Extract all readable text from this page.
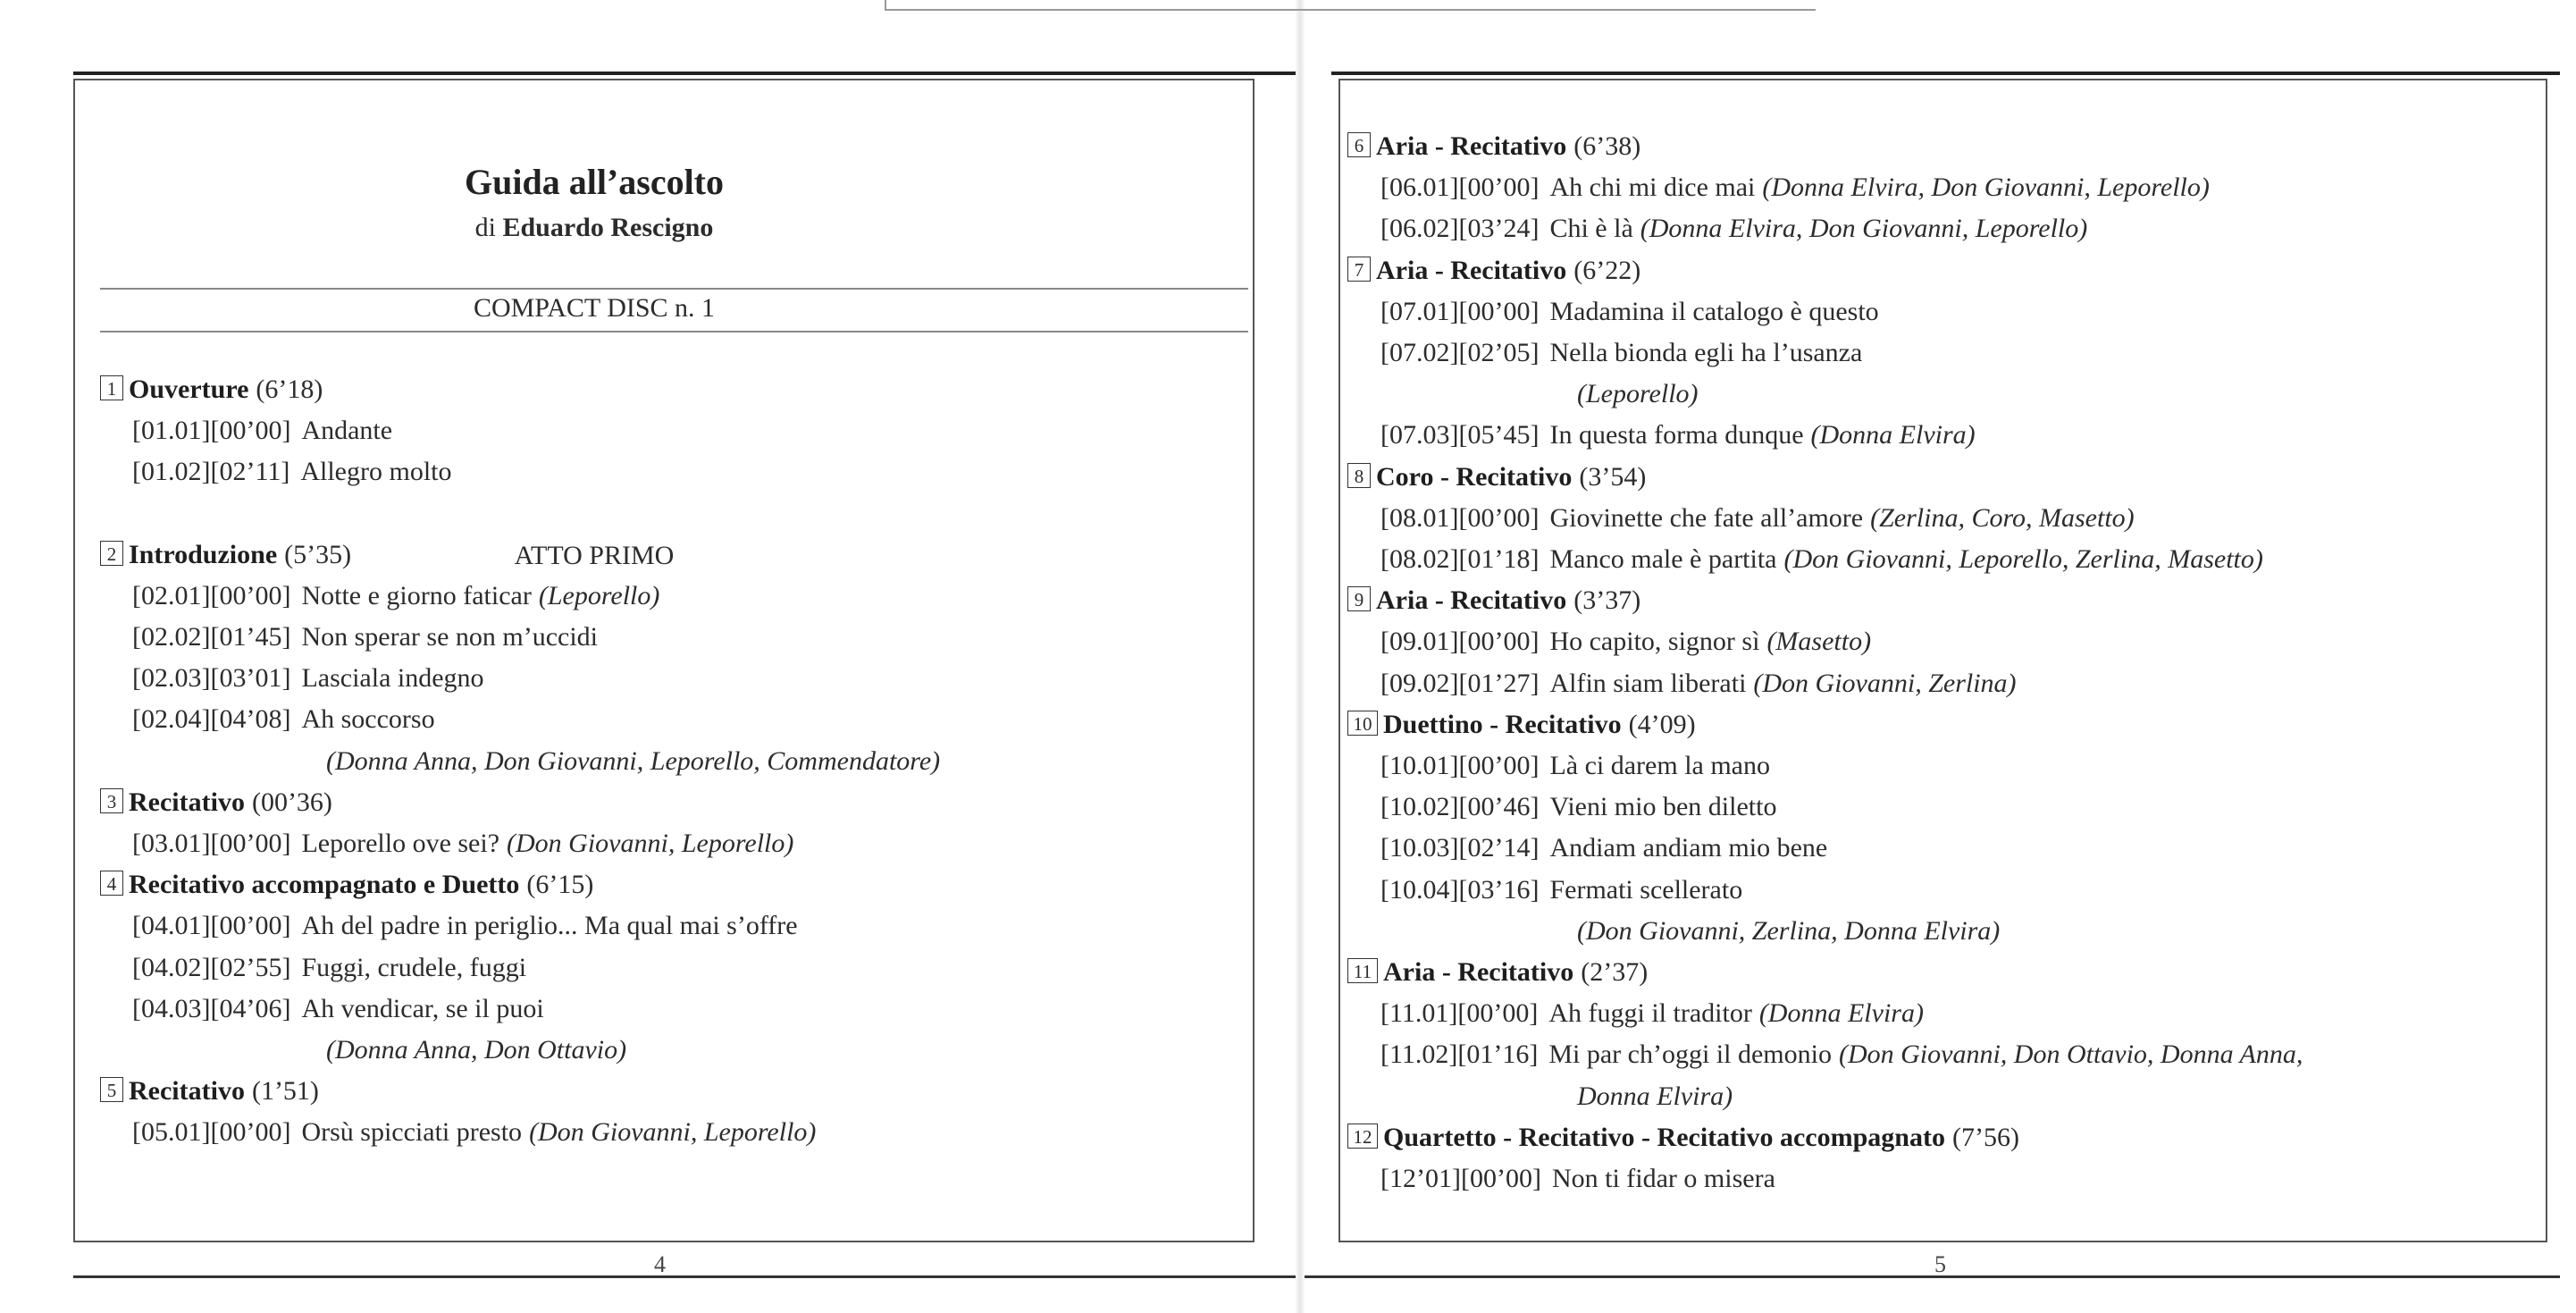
Guida all’ascolto
di Eduardo Rescigno
COMPACT DISC n. 1
ATTO PRIMO
1 Ouverture (6’18)
[01.01][00’00] Andante
[01.02][02’11] Allegro molto
2 Introduzione (5’35)
[02.01][00’00] Notte e giorno faticar (Leporello)
[02.02][01’45] Non sperar se non m’uccidi
[02.03][03’01] Lasciala indegno
[02.04][04’08] Ah soccorso
(Donna Anna, Don Giovanni, Leporello, Commendatore)
3 Recitativo (00’36)
[03.01][00’00] Leporello ove sei? (Don Giovanni, Leporello)
4 Recitativo accompagnato e Duetto (6’15)
[04.01][00’00] Ah del padre in periglio... Ma qual mai s’offre
[04.02][02’55] Fuggi, crudele, fuggi
[04.03][04’06] Ah vendicar, se il puoi
(Donna Anna, Don Ottavio)
5 Recitativo (1’51)
[05.01][00’00] Orsù spicciati presto (Don Giovanni, Leporello)
4
6 Aria - Recitativo (6’38)
[06.01][00’00] Ah chi mi dice mai (Donna Elvira, Don Giovanni, Leporello)
[06.02][03’24] Chi è là (Donna Elvira, Don Giovanni, Leporello)
7 Aria - Recitativo (6’22)
[07.01][00’00] Madamina il catalogo è questo
[07.02][02’05] Nella bionda egli ha l’usanza
(Leporello)
[07.03][05’45] In questa forma dunque (Donna Elvira)
8 Coro - Recitativo (3’54)
[08.01][00’00] Giovinette che fate all’amore (Zerlina, Coro, Masetto)
[08.02][01’18] Manco male è partita (Don Giovanni, Leporello, Zerlina, Masetto)
9 Aria - Recitativo (3’37)
[09.01][00’00] Ho capito, signor sì (Masetto)
[09.02][01’27] Alfin siam liberati (Don Giovanni, Zerlina)
10 Duettino - Recitativo (4’09)
[10.01][00’00] Là ci darem la mano
[10.02][00’46] Vieni mio ben diletto
[10.03][02’14] Andiam andiam mio bene
[10.04][03’16] Fermati scellerato
(Don Giovanni, Zerlina, Donna Elvira)
11 Aria - Recitativo (2’37)
[11.01][00’00] Ah fuggi il traditor (Donna Elvira)
[11.02][01’16] Mi par ch’oggi il demonio (Don Giovanni, Don Ottavio, Donna Anna,
Donna Elvira)
12 Quartetto - Recitativo - Recitativo accompagnato (7’56)
[12’01][00’00] Non ti fidar o misera
5
